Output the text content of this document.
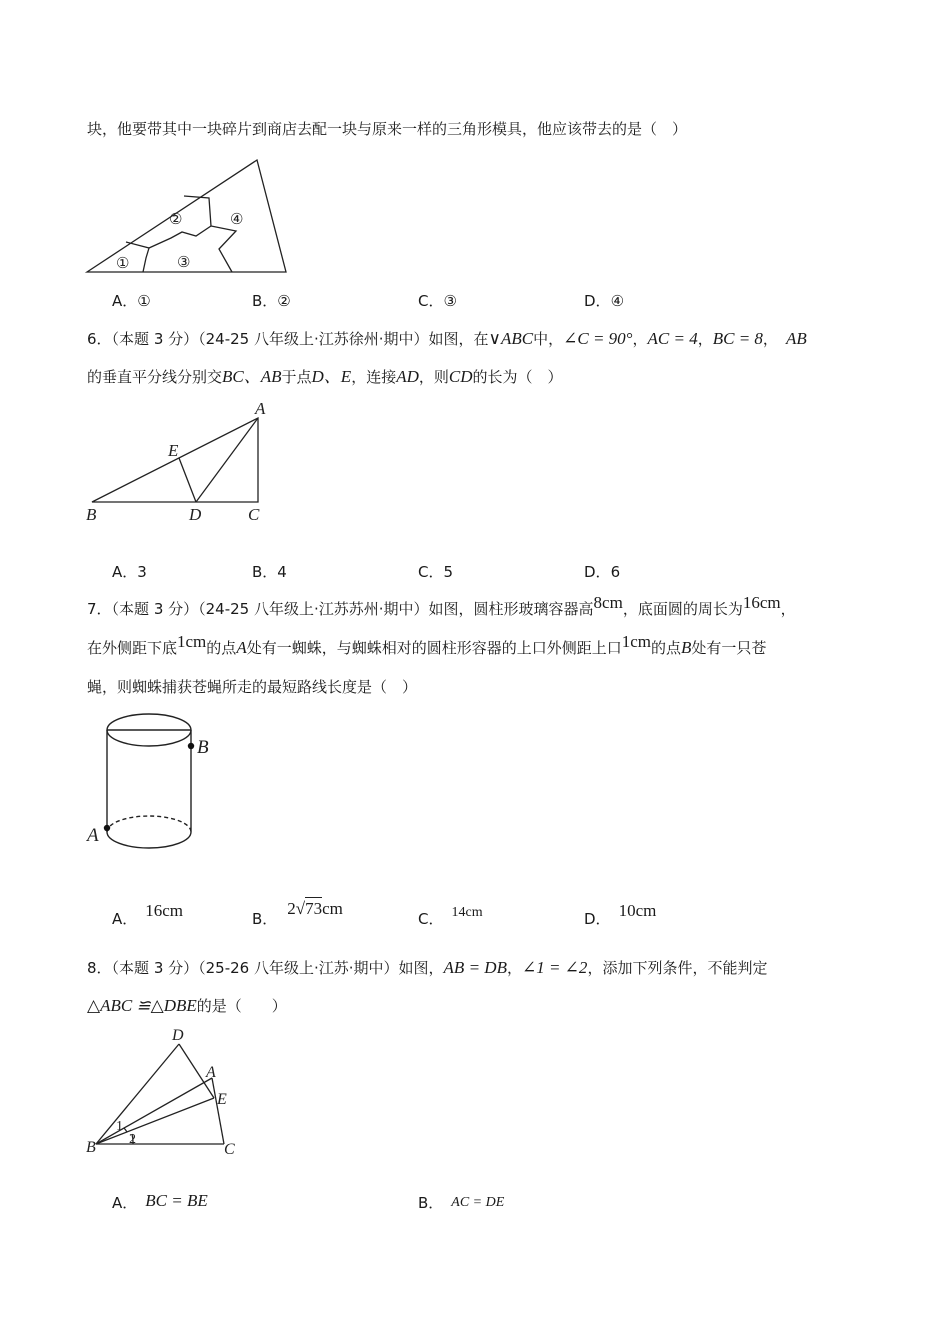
块，他要带其中一块碎片到商店去配一块与原来一样的三角形模具，他应该带去的是（　）
①
②
③
④
A．①	B．②	C．③	D．④
6．（本题 3 分）（24-25 八年级上·江苏徐州·期中）如图，在∨ABC中，∠C = 90°，AC = 4，BC = 8， AB
的垂直平分线分别交BC、AB于点D、E，连接AD，则CD的长为（　）
A
E
B	D	C
A．3	B．4	C．5	D．6
7．（本题 3 分）（24-25 八年级上·江苏苏州·期中）如图，圆柱形玻璃容器高8cm，底面圆的周长为16cm，
在外侧距下底1cm的点A处有一蜘蛛，与蜘蛛相对的圆柱形容器的上口外侧距上口1cm的点B处有一只苍
蝇，则蜘蛛捕获苍蝇所走的最短路线长度是（　）
B
A
A． 16cm	B．2√73cm
C． 14cm	D． 10cm
8．（本题 3 分）（25-26 八年级上·江苏·期中）如图，AB = DB，∠1 = ∠2，添加下列条件，不能判定
△ABC ≌△DBE的是（　　）
D
A
E
B	C
1
2
A． BC = BE	B． AC = DE
